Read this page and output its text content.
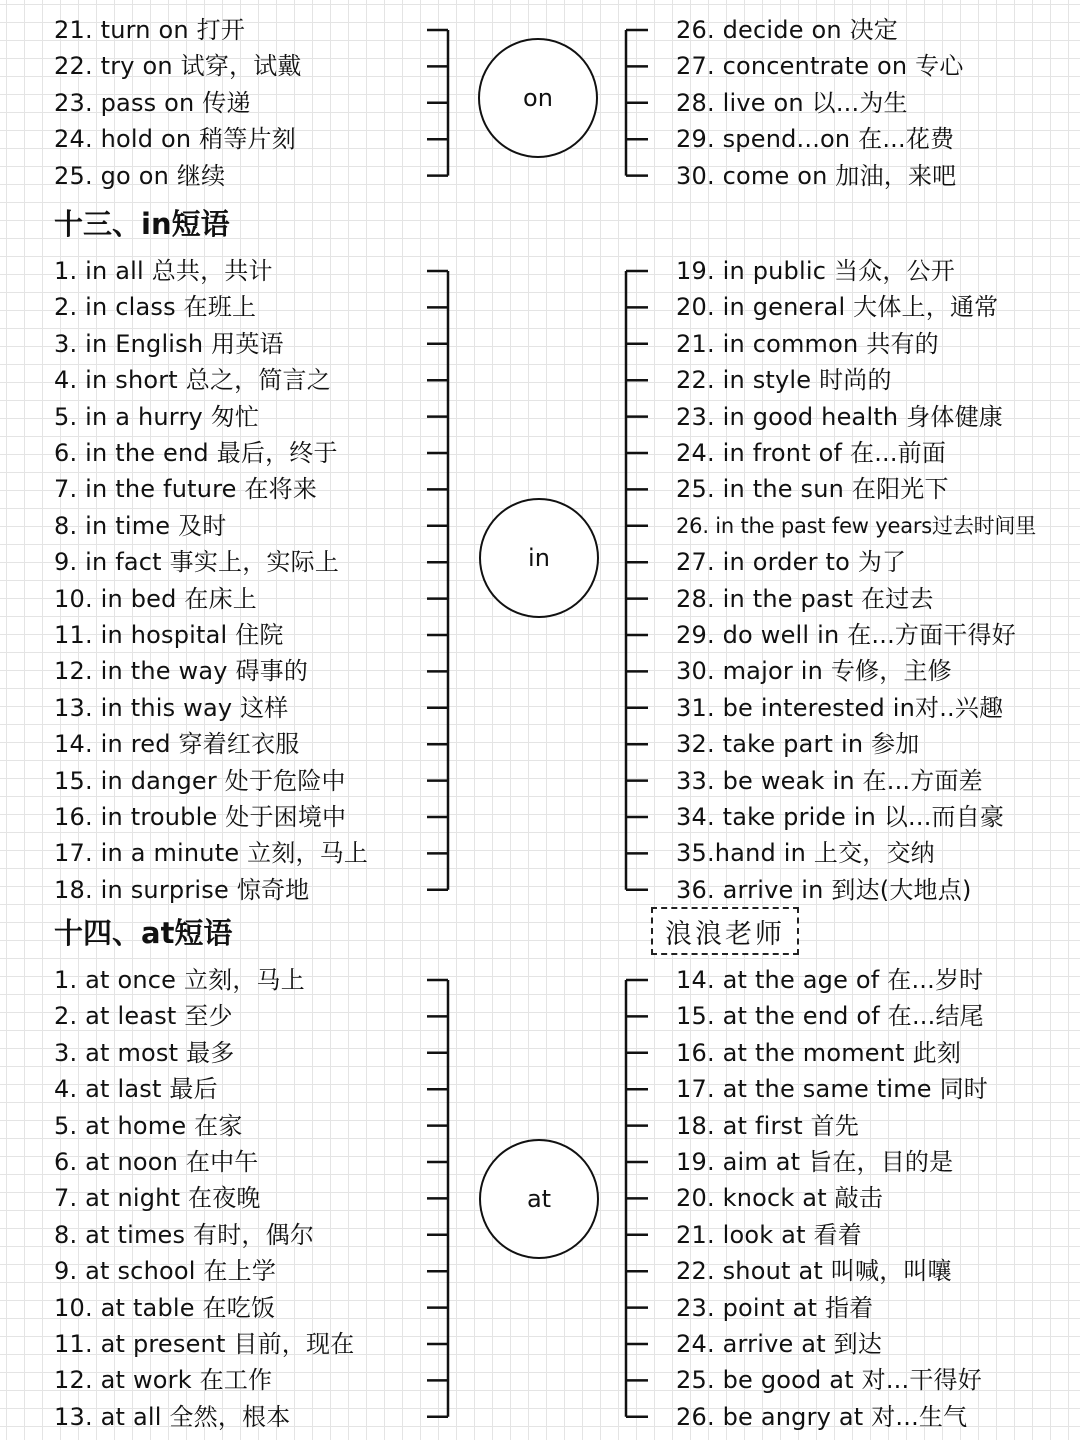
21. turn on 打开
22. try on 试穿，试戴
23. pass on 传递
24. hold on 稍等片刻
25. go on 继续
26. decide on 决定
27. concentrate on 专心
28. live on 以...为生
29. spend...on 在...花费
30. come on 加油，来吧
1. in all 总共，共计
2. in class 在班上
3. in English 用英语
4. in short 总之，简言之
5. in a hurry 匆忙
6. in the end 最后，终于
7. in the future 在将来
8. in time 及时
9. in fact 事实上，实际上
10. in bed 在床上
11. in hospital 住院
12. in the way 碍事的
13. in this way 这样
14. in red 穿着红衣服
15. in danger 处于危险中
16. in trouble 处于困境中
17. in a minute 立刻，马上
18. in surprise 惊奇地
19. in public 当众，公开
20. in general 大体上，通常
21. in common 共有的
22. in style 时尚的
23. in good health 身体健康
24. in front of 在...前面
25. in the sun 在阳光下
26. in the past few years过去时间里
27. in order to 为了
28. in the past 在过去
29. do well in 在...方面干得好
30. major in 专修，主修
31. be interested in对..兴趣
32. take part in 参加
33. be weak in 在...方面差
34. take pride in 以...而自豪
35.hand in 上交，交纳
36. arrive in 到达(大地点)
1. at once 立刻，马上
2. at least 至少
3. at most 最多
4. at last 最后
5. at home 在家
6. at noon 在中午
7. at night 在夜晚
8. at times 有时，偶尔
9. at school 在上学
10. at table 在吃饭
11. at present 目前，现在
12. at work 在工作
13. at all 全然，根本
14. at the age of 在...岁时
15. at the end of 在...结尾
16. at the moment 此刻
17. at the same time 同时
18. at first 首先
19. aim at 旨在，目的是
20. knock at 敲击
21. look at 看着
22. shout at 叫喊，叫嚷
23. point at 指着
24. arrive at 到达
25. be good at 对...干得好
26. be angry at 对...生气
十三、in短语
十四、at短语
on
in
at
浪浪老师
